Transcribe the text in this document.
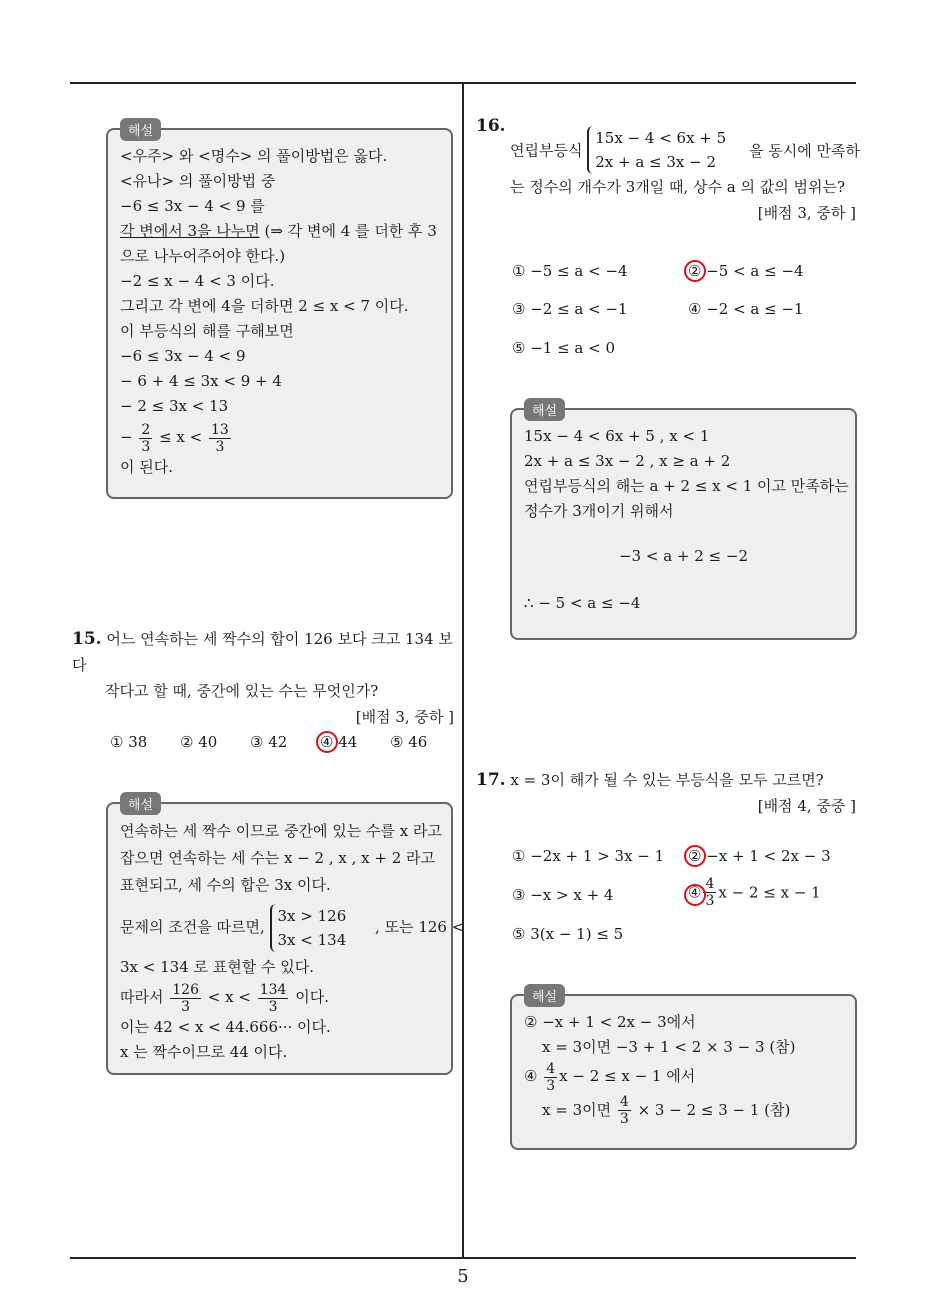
해설
<우주> 와 <명수> 의 풀이방법은 옳다.
<유나> 의 풀이방법 중
−6 ≤ 3x − 4 < 9 를
각 변에서 3을 나누면 (⇒ 각 변에 4 를 더한 후 3
으로 나누어주어야 한다.)
−2 ≤ x − 4 < 3 이다.
그리고 각 변에 4을 더하면 2 ≤ x < 7 이다.
이 부등식의 해를 구해보면
−6 ≤ 3x − 4 < 9
− 6 + 4 ≤ 3x < 9 + 4
− 2 ≤ 3x < 13
− $\frac{2}{3} \le x < \frac{13}{3}$
이 된다.
15. 어느 연속하는 세 짝수의 합이 126 보다 크고 134 보다
작다고 할 때, 중간에 있는 수는 무엇인가?
[배점 3, 중하 ]
① 38 ② 40 ③ 42 ④ 44 ⑤ 46
해설
연속하는 세 짝수 이므로 중간에 있는 수를 x 라고
잡으면 연속하는 세 수는 x − 2 , x , x + 2 라고
표현되고, 세 수의 합은 3x 이다.
문제의 조건을 따르면,
3x > 126
3x < 134
, 또는 126 <
3x < 134 로 표현할 수 있다.
따라서 $\frac{126}{3} < x < \frac{134}{3}$ 이다.
이는 42 < x < 44.666··· 이다.
x 는 짝수이므로 44 이다.
16.
연립부등식
15x − 4 < 6x + 5
2x + a ≤ 3x − 2
을 동시에 만족하
는 정수의 개수가 3개일 때, 상수 a 의 값의 범위는?
[배점 3, 중하 ]
① −5 ≤ a < −4	② −5 < a ≤ −4
③ −2 ≤ a < −1	④ −2 < a ≤ −1
⑤ −1 ≤ a < 0
해설
15x − 4 < 6x + 5 , x < 1
2x + a ≤ 3x − 2 , x ≥ a + 2
연립부등식의 해는 a + 2 ≤ x < 1 이고 만족하는
정수가 3개이기 위해서
−3 < a + 2 ≤ −2
∴ − 5 < a ≤ −4
17. x = 3이 해가 될 수 있는 부등식을 모두 고르면?
[배점 4, 중중 ]
① −2x + 1 > 3x − 1 ② −x + 1 < 2x − 3
③ −x > x + 4	④ $\frac{4}{3}$ x − 2 ≤ x − 1
⑤ 3(x − 1) ≤ 5
해설
② −x + 1 < 2x − 3에서
x = 3이면 −3 + 1 < 2 × 3 − 3 (참)
④ $\frac{4}{3}$ x − 2 ≤ x − 1 에서
x = 3이면 $\frac{4}{3} \times 3 - 2 \le 3 - 1$ (참)
5
